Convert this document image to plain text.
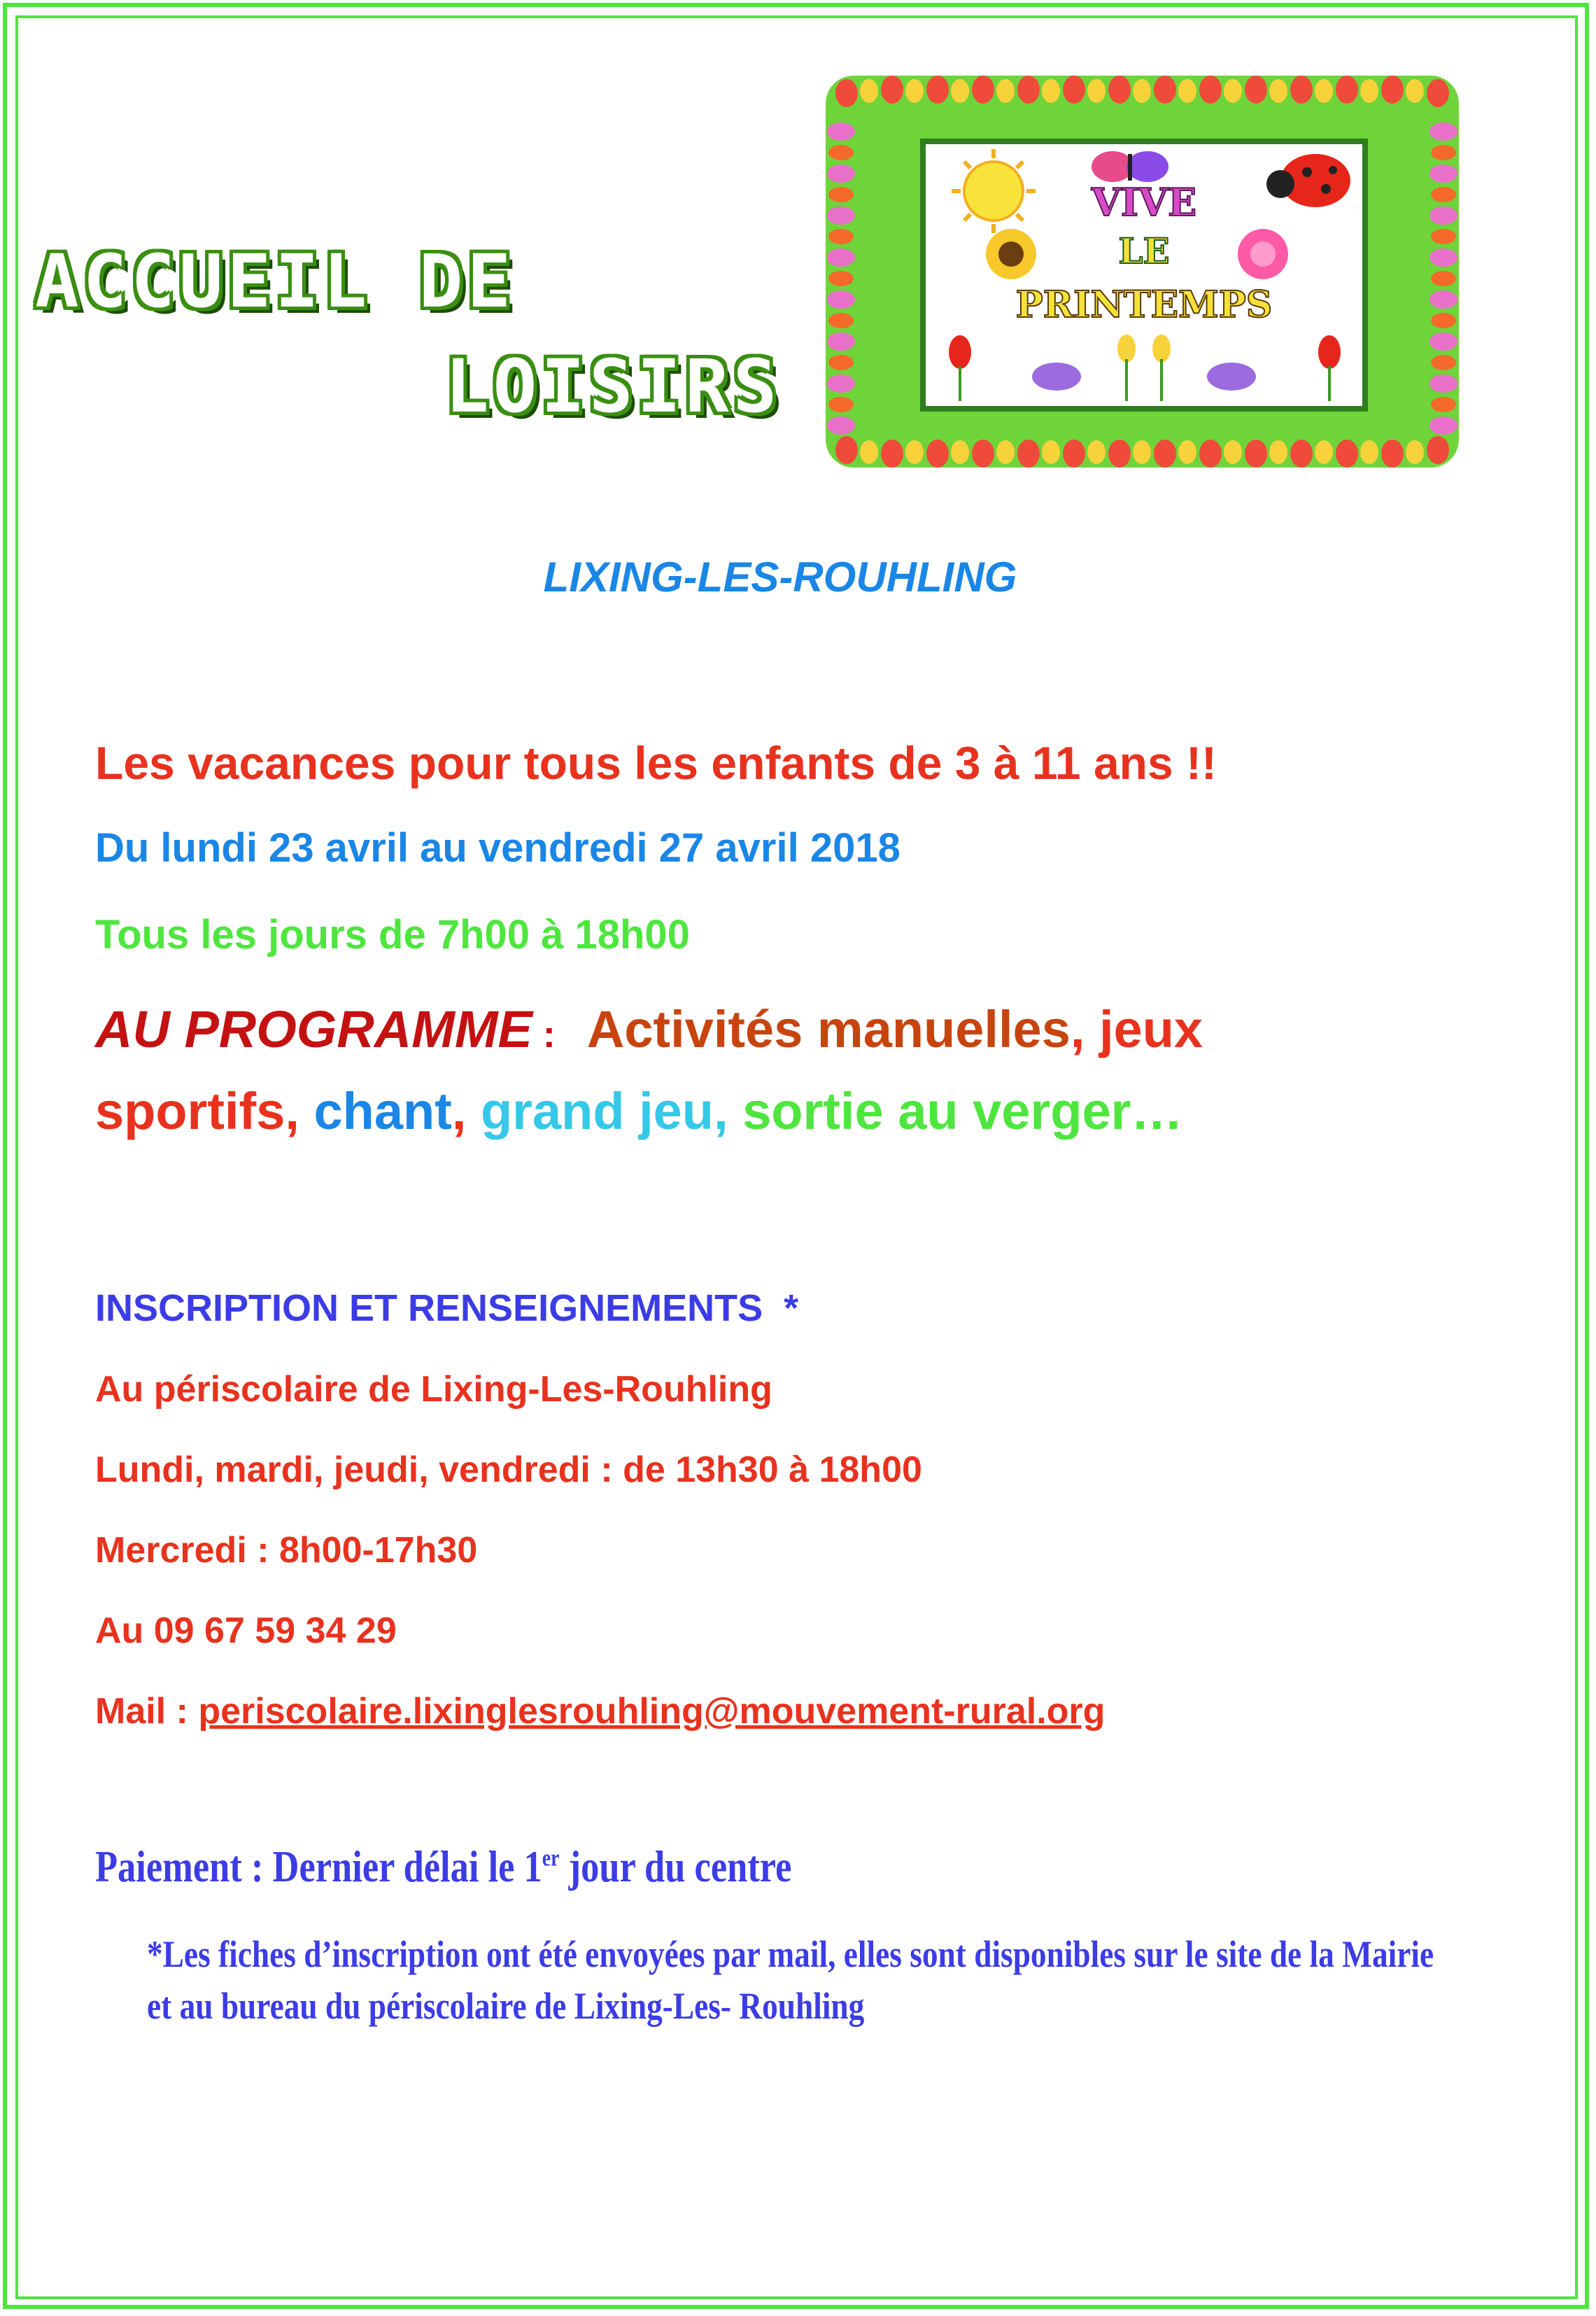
ACCUEIL DE
LOISIRS
VIVE
LE
PRINTEMPS
LIXING-LES-ROUHLING
Les vacances pour tous les enfants de 3 à 11 ans !!
Du lundi 23 avril au vendredi 27 avril 2018
Tous les jours de 7h00 à 18h00
AU PROGRAMME :   Activités manuelles, jeux
sportifs, chant, grand jeu, sortie au verger…
INSCRIPTION ET RENSEIGNEMENTS  *
Au périscolaire de Lixing-Les-Rouhling
Lundi, mardi, jeudi, vendredi : de 13h30 à 18h00
Mercredi : 8h00-17h30
Au 09 67 59 34 29
Mail : periscolaire.lixinglesrouhling@mouvement-rural.org
Paiement : Dernier délai le 1er jour du centre
*Les fiches d’inscription ont été envoyées par mail, elles sont disponibles sur le site de la Mairie et au bureau du périscolaire de Lixing-Les- Rouhling
